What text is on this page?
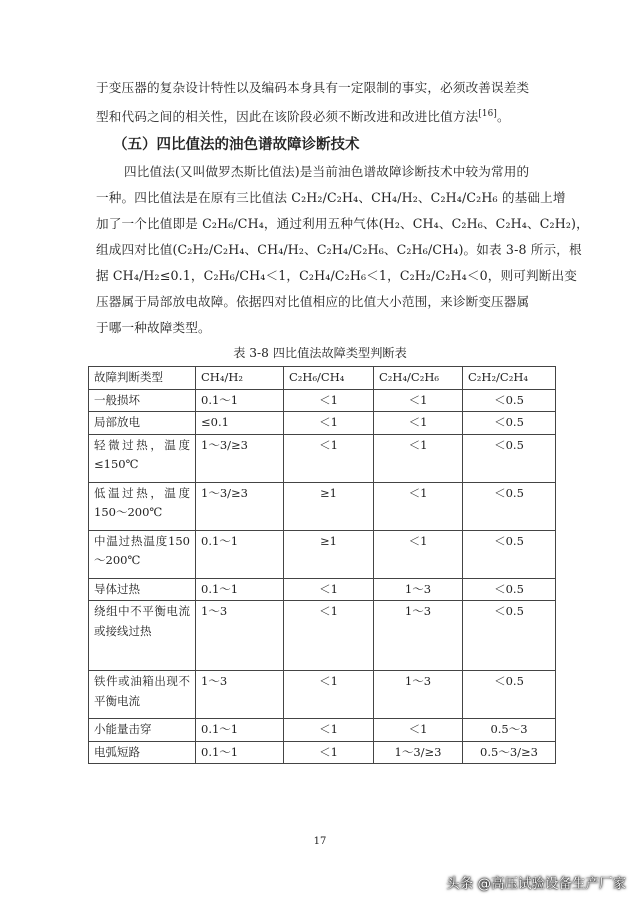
于变压器的复杂设计特性以及编码本身具有一定限制的事实，必须改善误差类
型和代码之间的相关性，因此在该阶段必须不断改进和改进比值方法[16]。
（五）四比值法的油色谱故障诊断技术
四比值法(又叫做罗杰斯比值法)是当前油色谱故障诊断技术中较为常用的
一种。四比值法是在原有三比值法 C₂H₂/C₂H₄、CH₄/H₂、C₂H₄/C₂H₆ 的基础上增
加了一个比值即是 C₂H₆/CH₄，通过利用五种气体(H₂、CH₄、C₂H₆、C₂H₄、C₂H₂)，
组成四对比值(C₂H₂/C₂H₄、CH₄/H₂、C₂H₄/C₂H₆、C₂H₆/CH₄)。如表 3-8 所示，根
据 CH₄/H₂≤0.1，C₂H₆/CH₄＜1，C₂H₄/C₂H₆＜1，C₂H₂/C₂H₄＜0，则可判断出变
压器属于局部放电故障。依据四对比值相应的比值大小范围，来诊断变压器属
于哪一种故障类型。
表 3-8 四比值法故障类型判断表
故障判断类型	CH₄/H₂	C₂H₆/CH₄	C₂H₄/C₂H₆	C₂H₂/C₂H₄
一般损坏	0.1～1	＜1	＜1	＜0.5
局部放电	≤0.1	＜1	＜1	＜0.5
轻微过热，温度≤150℃	1～3/≥3	＜1	＜1	＜0.5
低温过热，温度150～200℃	1～3/≥3	≥1	＜1	＜0.5
中温过热温度150～200℃	0.1～1	≥1	＜1	＜0.5
导体过热	0.1～1	＜1	1～3	＜0.5
绕组中不平衡电流或接线过热	1～3	＜1	1～3	＜0.5
铁件或油箱出现不平衡电流	1～3	＜1	1～3	＜0.5
小能量击穿	0.1～1	＜1	＜1	0.5～3
电弧短路	0.1～1	＜1	1～3/≥3	0.5～3/≥3
17
头条 @高压试验设备生产厂家
